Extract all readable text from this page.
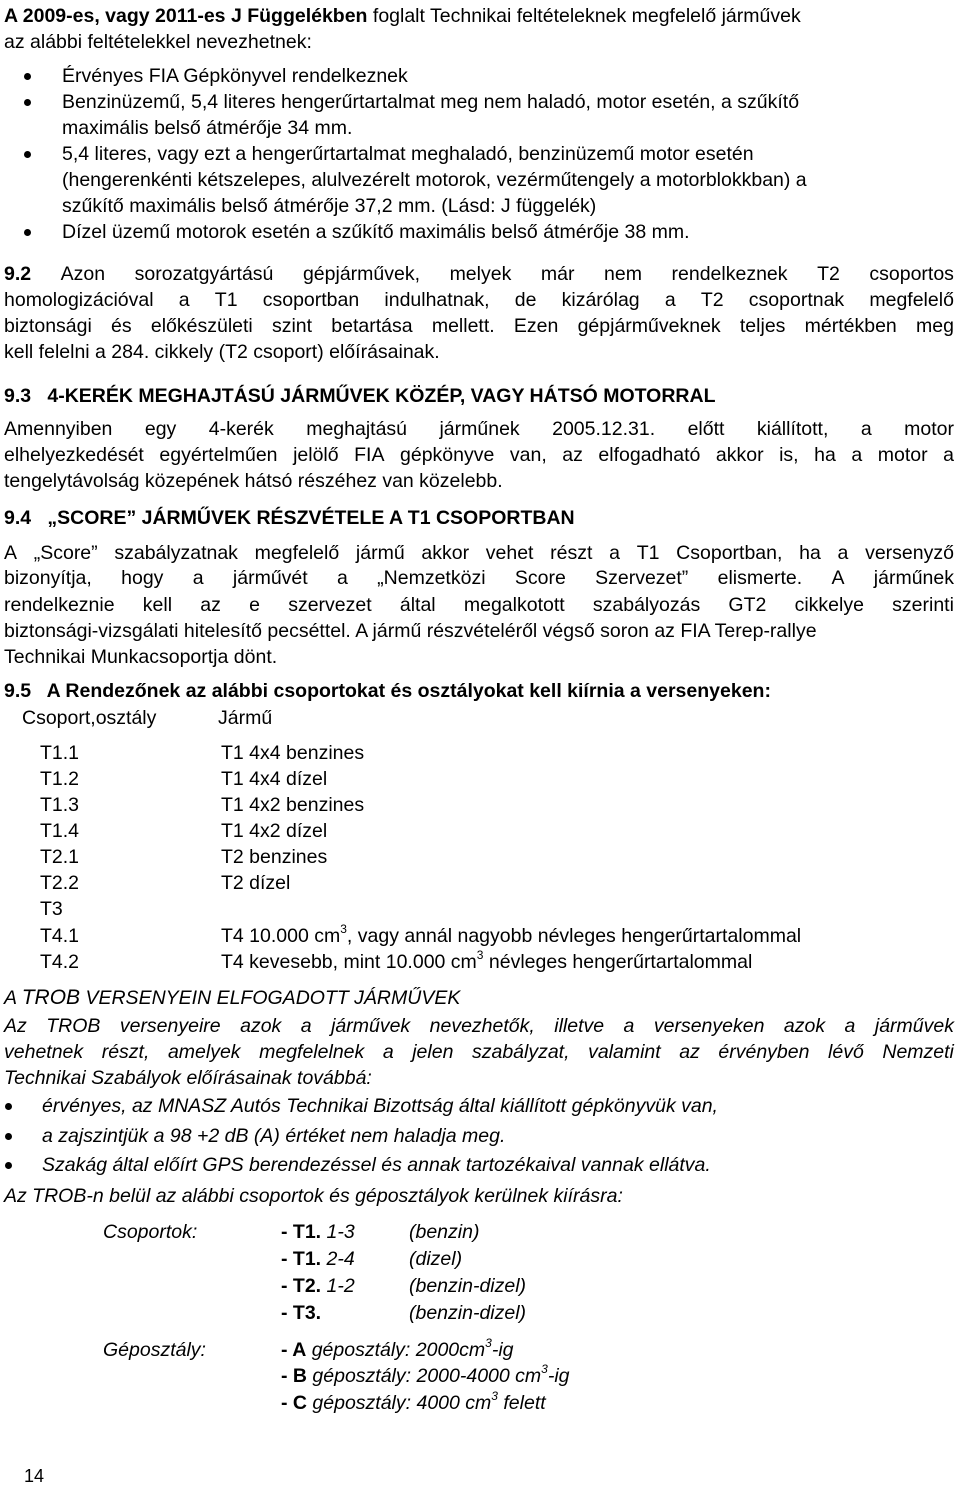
A 2009-es, vagy 2011-es J Függelékben foglalt Technikai feltételeknek megfelelő járművek
az alábbi feltételekkel nevezhetnek:
Érvényes FIA Gépkönyvel rendelkeznek
Benzinüzemű, 5,4 literes hengerűrtartalmat meg nem haladó, motor esetén, a szűkítő
maximális belső átmérője 34 mm.
5,4 literes, vagy ezt a hengerűrtartalmat meghaladó, benzinüzemű motor esetén
(hengerenkénti kétszelepes, alulvezérelt motorok, vezérműtengely a motorblokkban) a
szűkítő maximális belső átmérője 37,2 mm. (Lásd: J függelék)
Dízel üzemű motorok esetén a szűkítő maximális belső átmérője 38 mm.
9.2 Azon sorozatgyártású gépjárművek, melyek már nem rendelkeznek T2 csoportos
homologizációval a T1 csoportban indulhatnak, de kizárólag a T2 csoportnak megfelelő
biztonsági és előkészületi szint betartása mellett. Ezen gépjárműveknek teljes mértékben meg
kell felelni a 284. cikkely (T2 csoport) előírásainak.
9.3   4-KERÉK MEGHAJTÁSÚ JÁRMŰVEK KÖZÉP, VAGY HÁTSÓ MOTORRAL
Amennyiben egy 4-kerék meghajtású járműnek 2005.12.31. előtt kiállított, a motor
elhelyezkedését egyértelműen jelölő FIA gépkönyve van, az elfogadható akkor is, ha a motor a
tengelytávolság közepének hátsó részéhez van közelebb.
9.4   „SCORE” JÁRMŰVEK RÉSZVÉTELE A T1 CSOPORTBAN
A „Score” szabályzatnak megfelelő jármű akkor vehet részt a T1 Csoportban, ha a versenyző
bizonyítja, hogy a járművét a „Nemzetközi Score Szervezet” elismerte. A járműnek
rendelkeznie kell az e szervezet által megalkotott szabályozás GT2 cikkelye szerinti
biztonsági-vizsgálati hitelesítő pecséttel. A jármű részvételéről végső soron az FIA Terep-rallye
Technikai Munkacsoportja dönt.
9.5   A Rendezőnek az alábbi csoportokat és osztályokat kell kiírnia a versenyeken:
Csoport,osztály	Jármű
T1.1	T1 4x4 benzines
T1.2	T1 4x4 dízel
T1.3	T1 4x2 benzines
T1.4	T1 4x2 dízel
T2.1	T2 benzines
T2.2	T2 dízel
T3
T4.1	T4 10.000 $cm^3$, vagy annál nagyobb névleges hengerűrtartalommal
T4.2	T4 kevesebb, mint 10.000 $cm^3$ névleges hengerűrtartalommal
A TROB VERSENYEIN ELFOGADOTT JÁRMŰVEK
Az TROB versenyeire azok a járművek nevezhetők, illetve a versenyeken azok a járművek
vehetnek részt, amelyek megfelelnek a jelen szabályzat, valamint az érvényben lévő Nemzeti
Technikai Szabályok előírásainak továbbá:
érvényes, az MNASZ Autós Technikai Bizottság által kiállított gépkönyvük van,
a zajszintjük a 98 +2 dB (A) értéket nem haladja meg.
Szakág által előírt GPS berendezéssel és annak tartozékaival vannak ellátva.
Az TROB-n belül az alábbi csoportok és géposztályok kerülnek kiírásra:
Csoportok:	- T1. 1-3	(benzin)
- T1. 2-4	(dizel)
- T2. 1-2	(benzin-dizel)
- T3.	(benzin-dizel)
Géposztály:	- A géposztály: $2000cm^3-ig$
- B géposztály: 2000-4000 $cm^3-ig$
- C géposztály: 4000 $cm^3$ felett
14
